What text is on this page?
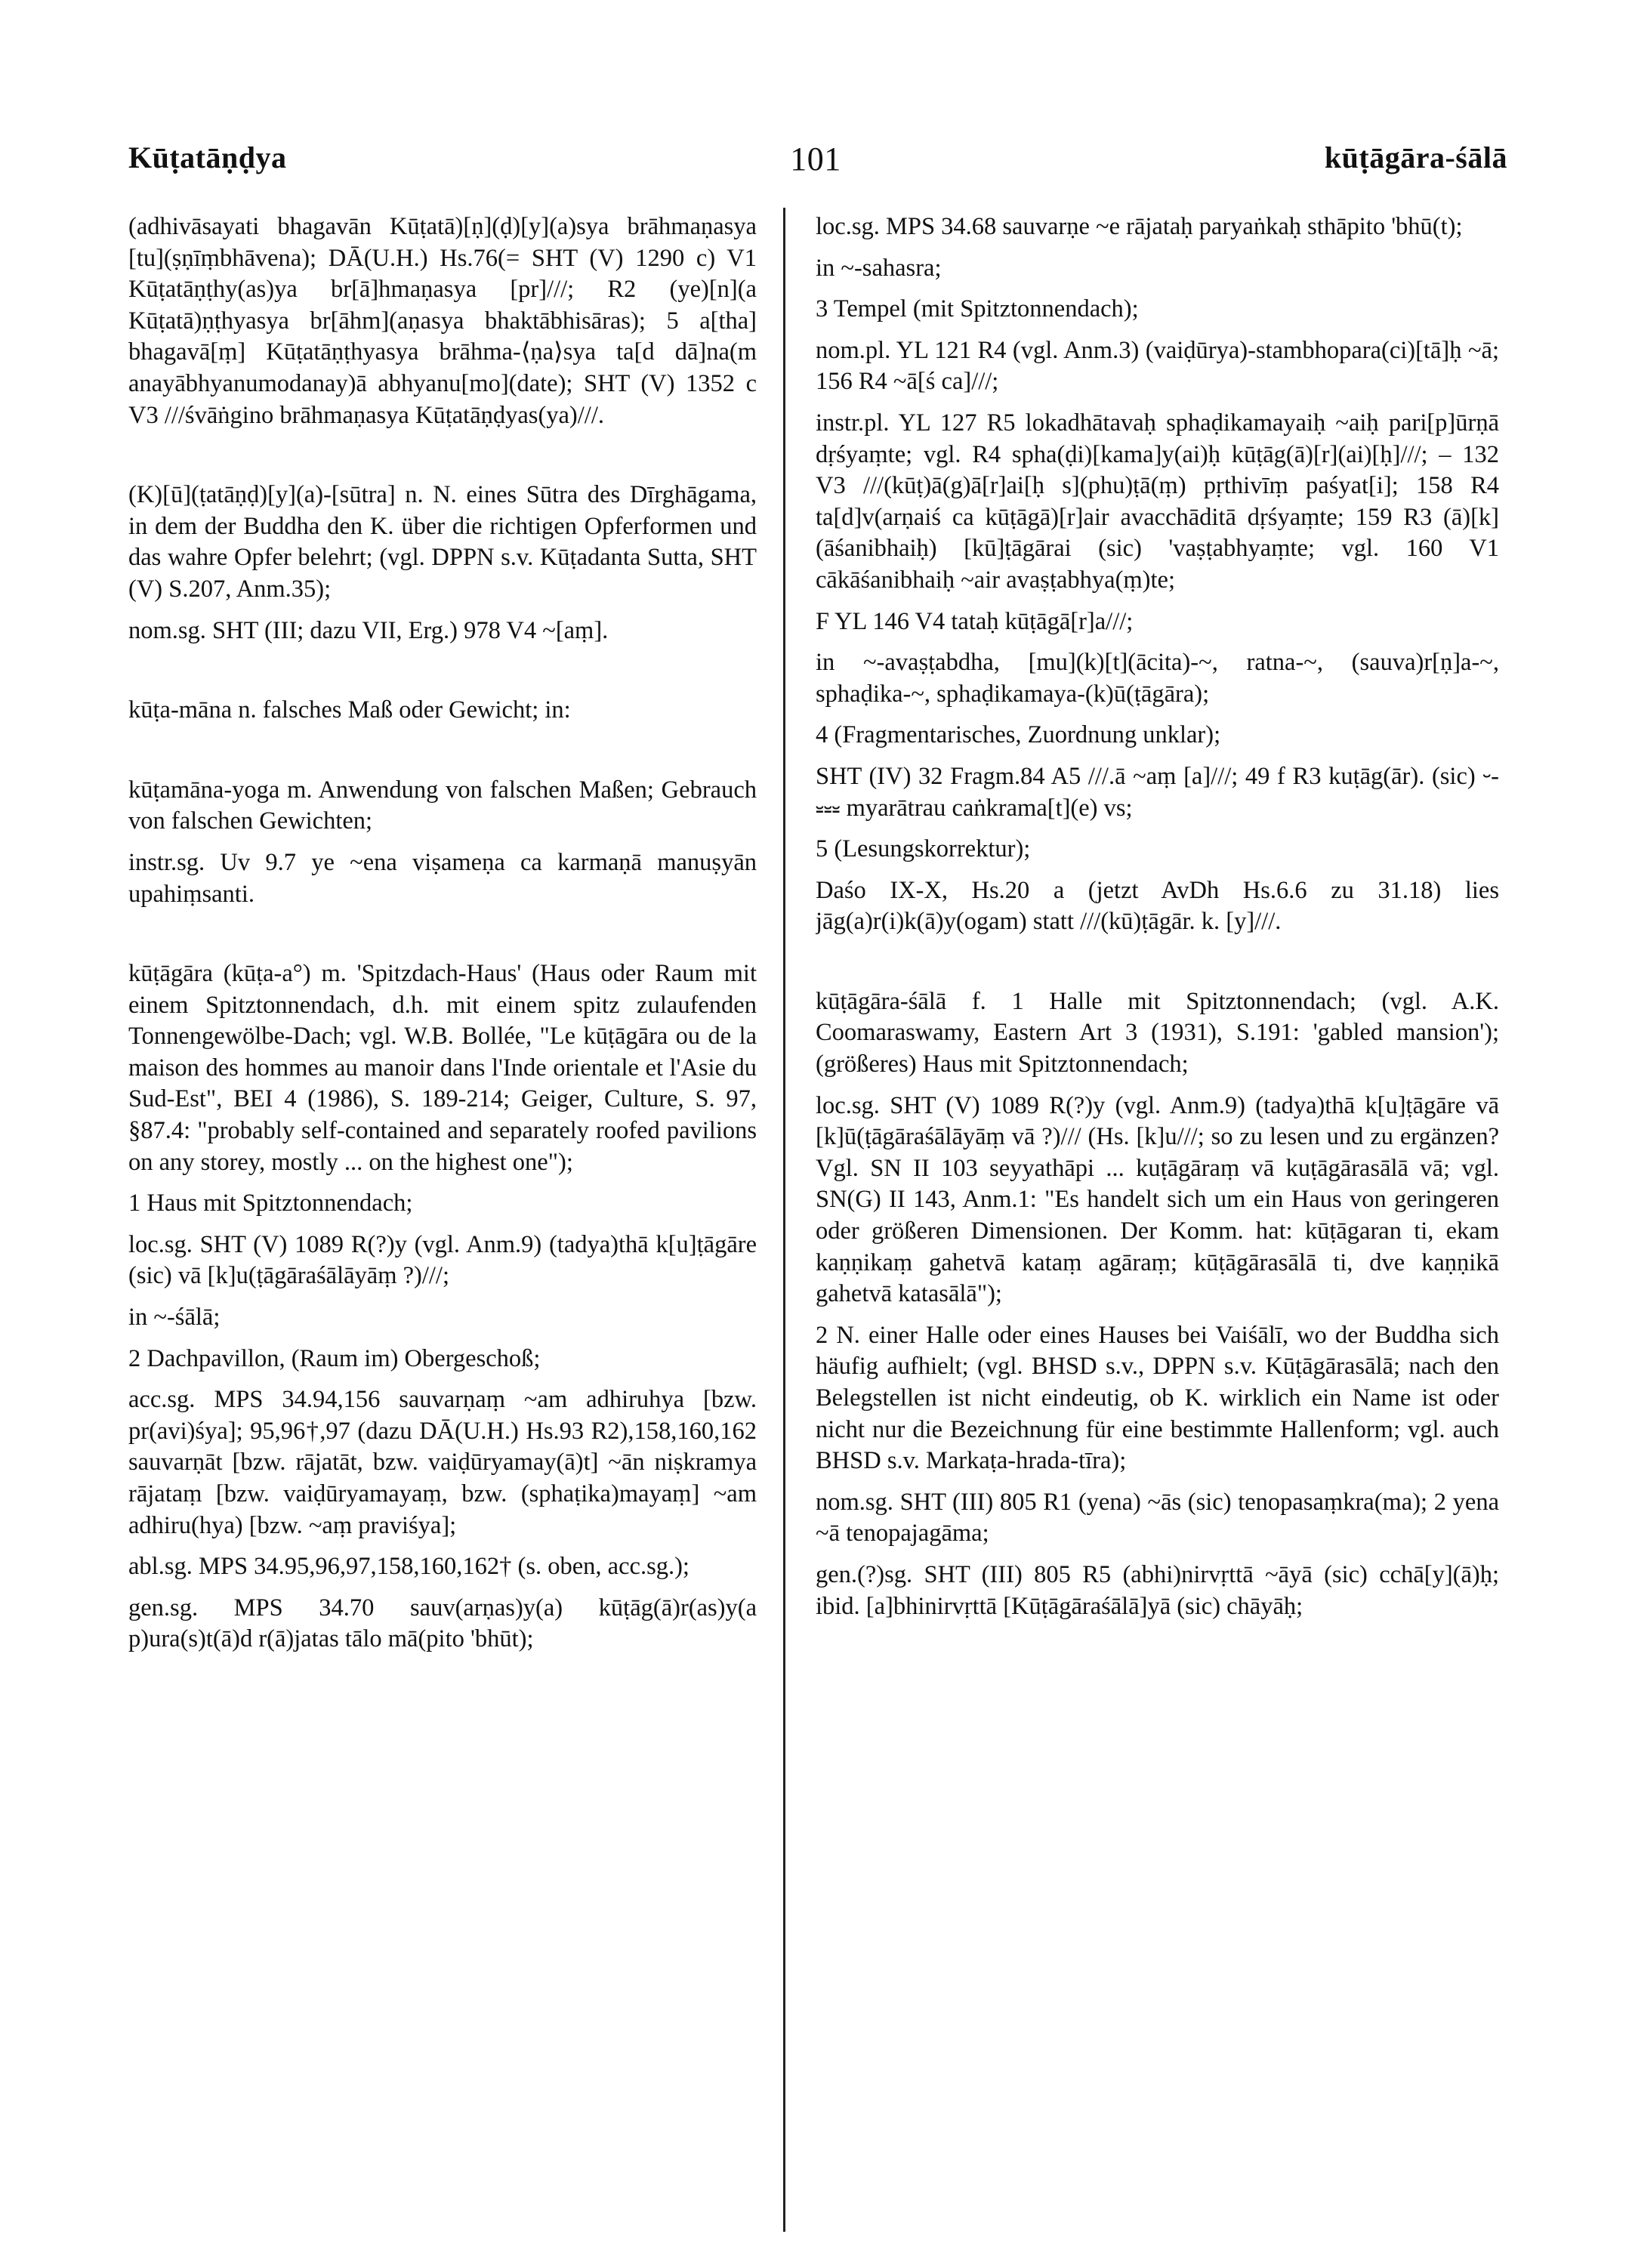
Kūṭatāṇḍya	101	kūṭāgāra-śālā

(adhivāsayati bhagavān Kūṭatā)[ṇ](ḍ)[y](a)sya brāhmaṇasya [tu](ṣṇīṃbhāvena); DĀ(U.H.) Hs.76(= SHT (V) 1290 c) V1 Kūṭatāṇṭhy(as)ya br[ā]hmaṇasya [pr]///; R2 (ye)[n](a Kūṭatā)ṇṭhyasya br[āhm](aṇasya bhaktābhisāras); 5 a[tha] bhagavā[ṃ] Kūṭatāṇṭhyasya brāhma-⟨ṇa⟩sya ta[d dā]na(m anayābhyanumodanay)ā abhyanu[mo](date); SHT (V) 1352 c V3 ///śvāṅgino brāhmaṇasya Kūṭatāṇḍyas(ya)///.

(K)[ū](ṭatāṇḍ)[y](a)-[sūtra] n. N. eines Sūtra des Dīrghāgama, in dem der Buddha den K. über die richtigen Opferformen und das wahre Opfer belehrt; (vgl. DPPN s.v. Kūṭadanta Sutta, SHT (V) S.207, Anm.35);

nom.sg. SHT (III; dazu VII, Erg.) 978 V4 ~[aṃ].

kūṭa-māna n. falsches Maß oder Gewicht; in:

kūṭamāna-yoga m. Anwendung von falschen Maßen; Gebrauch von falschen Gewichten;

instr.sg. Uv 9.7 ye ~ena viṣameṇa ca karmaṇā manuṣyān upahiṃsanti.

kūṭāgāra (kūṭa-a°) m. 'Spitzdach-Haus' (Haus oder Raum mit einem Spitztonnendach, d.h. mit einem spitz zulaufenden Tonnengewölbe-Dach; vgl. W.B. Bollée, "Le kūṭāgāra ou de la maison des hommes au manoir dans l'Inde orientale et l'Asie du Sud-Est", BEI 4 (1986), S. 189-214; Geiger, Culture, S. 97, §87.4: "probably self-contained and separately roofed pavilions on any storey, mostly ... on the highest one");

1 Haus mit Spitztonnendach;

loc.sg. SHT (V) 1089 R(?)y (vgl. Anm.9) (tadya)thā k[u]ṭāgāre (sic) vā [k]u(ṭāgāraśālāyāṃ ?)///;

in ~-śālā;

2 Dachpavillon, (Raum im) Obergeschoß;

acc.sg. MPS 34.94,156 sauvarṇaṃ ~am adhiruhya [bzw. pr(avi)śya]; 95,96†,97 (dazu DĀ(U.H.) Hs.93 R2),158,160,162 sauvarṇāt [bzw. rājatāt, bzw. vaiḍūryamay(ā)t] ~ān niṣkramya rājataṃ [bzw. vaiḍūryamayaṃ, bzw. (sphaṭika)mayaṃ] ~am adhiru(hya) [bzw. ~aṃ praviśya];

abl.sg. MPS 34.95,96,97,158,160,162† (s. oben, acc.sg.);

gen.sg. MPS 34.70 sauv(arṇas)y(a) kūṭāg(ā)r(as)y(a p)ura(s)t(ā)d r(ā)jatas tālo mā(pito 'bhūt);

loc.sg. MPS 34.68 sauvarṇe ~e rājataḥ paryaṅkaḥ sthāpito 'bhū(t);

in ~-sahasra;

3 Tempel (mit Spitztonnendach);

nom.pl. YL 121 R4 (vgl. Anm.3) (vaiḍūrya)-stambhopara(ci)[tā]ḥ ~ā; 156 R4 ~ā[ś ca]///;

instr.pl. YL 127 R5 lokadhātavaḥ sphaḍikamayaiḥ ~aiḥ pari[p]ūrṇā dṛśyaṃte; vgl. R4 spha(ḍi)[kama]y(ai)ḥ kūṭāg(ā)[r](ai)[ḥ]///; – 132 V3 ///(kūṭ)ā(g)ā[r]ai[ḥ s](phu)ṭā(ṃ) pṛthivīṃ paśyat[i]; 158 R4 ta[d]v(arṇaiś ca kūṭāgā)[r]air avacchāditā dṛśyaṃte; 159 R3 (ā)[k](āśanibhaiḥ) [kū]ṭāgārai (sic) 'vaṣṭabhyaṃte; vgl. 160 V1 cākāśanibhaiḥ ~air avaṣṭabhya(ṃ)te;

F YL 146 V4 tataḥ kūṭāgā[r]a///;

in ~-avaṣṭabdha, [mu](k)[t](ācita)-~, ratna-~, (sauva)r[ṇ]a-~, sphaḍika-~, sphaḍikamaya-(k)ū(ṭāgāra);

4 (Fragmentarisches, Zuordnung unklar);

SHT (IV) 32 Fragm.84 A5 ///.ā ~aṃ [a]///; 49 f R3 kuṭāg(ār). (sic) ⏑-⏓⏓⏓ myarātrau caṅkrama[t](e) vs;

5 (Lesungskorrektur);

Daśo IX-X, Hs.20 a (jetzt AvDh Hs.6.6 zu 31.18) lies jāg(a)r(i)k(ā)y(ogam) statt ///(kū)ṭāgār. k. [y]///.

kūṭāgāra-śālā f. 1 Halle mit Spitztonnendach; (vgl. A.K. Coomaraswamy, Eastern Art 3 (1931), S.191: 'gabled mansion'); (größeres) Haus mit Spitztonnendach;

loc.sg. SHT (V) 1089 R(?)y (vgl. Anm.9) (tadya)thā k[u]ṭāgāre vā [k]ū(ṭāgāraśālāyāṃ vā ?)/// (Hs. [k]u///; so zu lesen und zu ergänzen? Vgl. SN II 103 seyyathāpi ... kuṭāgāraṃ vā kuṭāgārasālā vā; vgl. SN(G) II 143, Anm.1: "Es handelt sich um ein Haus von geringeren oder größeren Dimensionen. Der Komm. hat: kūṭāgaran ti, ekam kaṇṇikaṃ gahetvā kataṃ agāraṃ; kūṭāgārasālā ti, dve kaṇṇikā gahetvā katasālā");

2 N. einer Halle oder eines Hauses bei Vaiśālī, wo der Buddha sich häufig aufhielt; (vgl. BHSD s.v., DPPN s.v. Kūṭāgārasālā; nach den Belegstellen ist nicht eindeutig, ob K. wirklich ein Name ist oder nicht nur die Bezeichnung für eine bestimmte Hallenform; vgl. auch BHSD s.v. Markaṭa-hrada-tīra);

nom.sg. SHT (III) 805 R1 (yena) ~ās (sic) tenopasaṃkra(ma); 2 yena ~ā tenopajagāma;

gen.(?)sg. SHT (III) 805 R5 (abhi)nirvṛttā ~āyā (sic) cchā[y](ā)ḥ; ibid. [a]bhinirvṛttā [Kūṭāgāraśālā]yā (sic) chāyāḥ;
